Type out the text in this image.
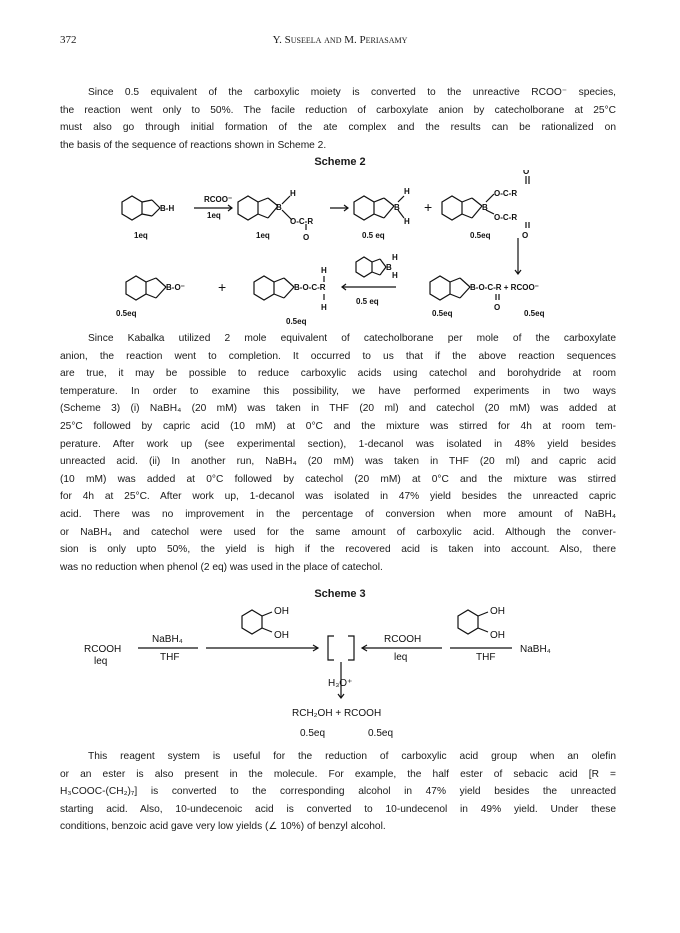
372	Y. Suseela and M. Periasamy
Since 0.5 equivalent of the carboxylic moiety is converted to the unreactive RCOO⁻ species,
the reaction went only to 50%. The facile reduction of carboxylate anion by catecholborane at 25°C
must also go through initial formation of the ate complex and the results can be rationalized on
the basis of the sequence of reactions shown in Scheme 2.
Scheme 2
B-H
RCOO⁻
1eq
1eq
B
H
O-C-R
O
1eq
B
H
H
0.5 eq
+	B
O
O-C-R
O-C-R
0.5eq	O
B-O⁻
0.5eq
+	B-O-C-R
H
H
0.5eq
B
H
H
0.5 eq
B-O-C-R + RCOO⁻
O
0.5eq	0.5eq
Since Kabalka utilized 2 mole equivalent of catecholborane per mole of the carboxylate
anion, the reaction went to completion. It occurred to us that if the above reaction sequences
are true, it may be possible to reduce carboxylic acids using catechol and borohydride at room
temperature. In order to examine this possibility, we have performed experiments in two ways
(Scheme 3) (i) NaBH₄ (20 mM) was taken in THF (20 ml) and catechol (20 mM) was added at
25°C followed by capric acid (10 mM) at 0°C and the mixture was stirred for 4h at room tem-
perature. After work up (see experimental section), 1-decanol was isolated in 48% yield besides
unreacted acid. (ii) In another run, NaBH₄ (20 mM) was taken in THF (20 ml) and capric acid
(10 mM) was added at 0°C followed by catechol (20 mM) at 0°C and the mixture was stirred
for 4h at 25°C. After work up, 1-decanol was isolated in 47% yield besides the unreacted capric
acid. There was no improvement in the percentage of conversion when more amount of NaBH₄
or NaBH₄ and catechol were used for the same amount of carboxylic acid. Although the conver-
sion is only upto 50%, the yield is high if the recovered acid is taken into account. Also, there
was no reduction when phenol (2 eq) was used in the place of catechol.
Scheme 3
RCOOH
leq
NaBH₄
THF
OH
OH	RCOOH
leq
OH
OH
THF
NaBH₄
H₃O⁺
RCH₂OH + RCOOH
0.5eq	0.5eq
This reagent system is useful for the reduction of carboxylic acid group when an olefin
or an ester is also present in the molecule. For example, the half ester of sebacic acid [R =
H₃COOC-(CH₂)₇] is converted to the corresponding alcohol in 47% yield besides the unreacted
starting acid. Also, 10-undecenoic acid is converted to 10-undecenol in 49% yield. Under these
conditions, benzoic acid gave very low yields (∠ 10%) of benzyl alcohol.
